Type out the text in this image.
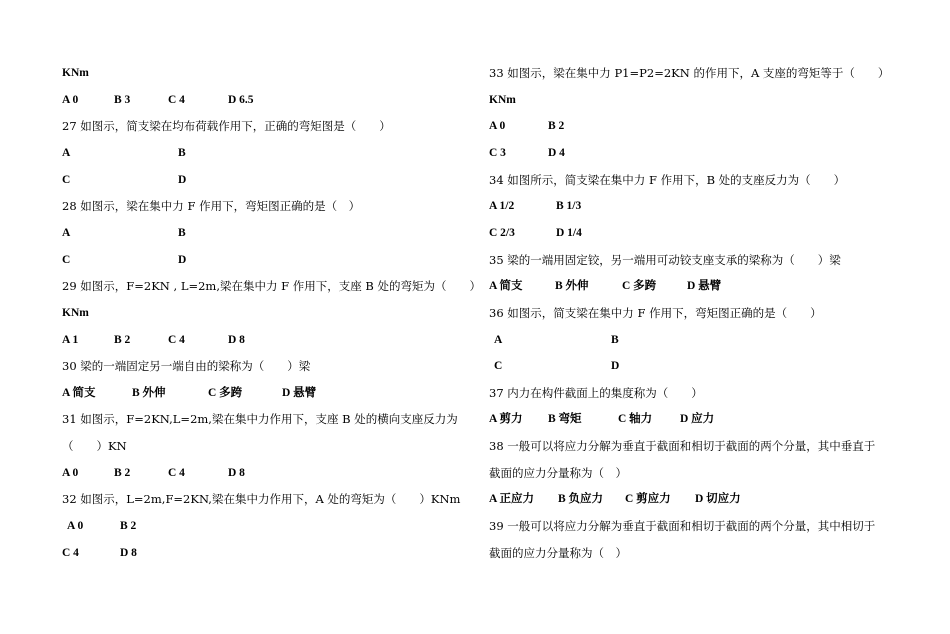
KNm
A 0	B 3	C 4	D 6.5
27 如图示，简支梁在均布荷载作用下，正确的弯矩图是（　　）
A	B
C	D
28 如图示，梁在集中力 F 作用下，弯矩图正确的是（　）
A	B
C	D
29 如图示，F=2KN , L=2m,梁在集中力 F 作用下，支座 B 处的弯矩为（　　）
KNm
A 1	B 2	C 4	D 8
30 梁的一端固定另一端自由的梁称为（　　）梁
A 简支	B 外伸	C 多跨	D 悬臂
31 如图示，F=2KN,L=2m,梁在集中力作用下，支座 B 处的横向支座反力为
（　　）KN
A 0	B 2	C 4	D 8
32 如图示，L=2m,F=2KN,梁在集中力作用下，A 处的弯矩为（　　）KNm
A 0	B 2
C 4	D 8
33 如图示，梁在集中力 P1=P2=2KN 的作用下，A 支座的弯矩等于（　　）
KNm
A 0	B 2
C 3	D 4
34 如图所示，简支梁在集中力 F 作用下，B 处的支座反力为（　　）
A 1/2	B 1/3
C 2/3	D 1/4
35 梁的一端用固定铰，另一端用可动铰支座支承的梁称为（　　）梁
A 简支	B 外伸	C 多跨	D 悬臂
36 如图示，简支梁在集中力 F 作用下，弯矩图正确的是（　　）
A	B
C	D
37 内力在构件截面上的集度称为（　　）
A 剪力 B 弯矩	C 轴力 D 应力
38 一般可以将应力分解为垂直于截面和相切于截面的两个分量，其中垂直于
截面的应力分量称为（　）
A 正应力 B 负应力 C 剪应力 D 切应力
39 一般可以将应力分解为垂直于截面和相切于截面的两个分量，其中相切于
截面的应力分量称为（　）
